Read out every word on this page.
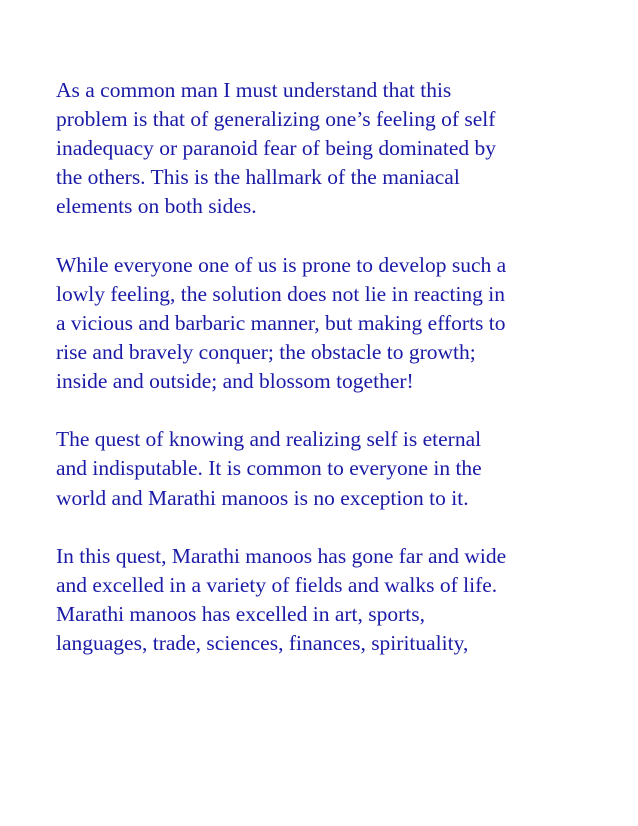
As a common man I must understand that this
problem is that of generalizing one’s feeling of self
inadequacy or paranoid fear of being dominated by
the others. This is the hallmark of the maniacal
elements on both sides.

While everyone one of us is prone to develop such a
lowly feeling, the solution does not lie in reacting in
a vicious and barbaric manner, but making efforts to
rise and bravely conquer; the obstacle to growth;
inside and outside; and blossom together!

The quest of knowing and realizing self is eternal
and indisputable. It is common to everyone in the
world and Marathi manoos is no exception to it.

In this quest, Marathi manoos has gone far and wide
and excelled in a variety of fields and walks of life.
Marathi manoos has excelled in art, sports,
languages, trade, sciences, finances, spirituality,
